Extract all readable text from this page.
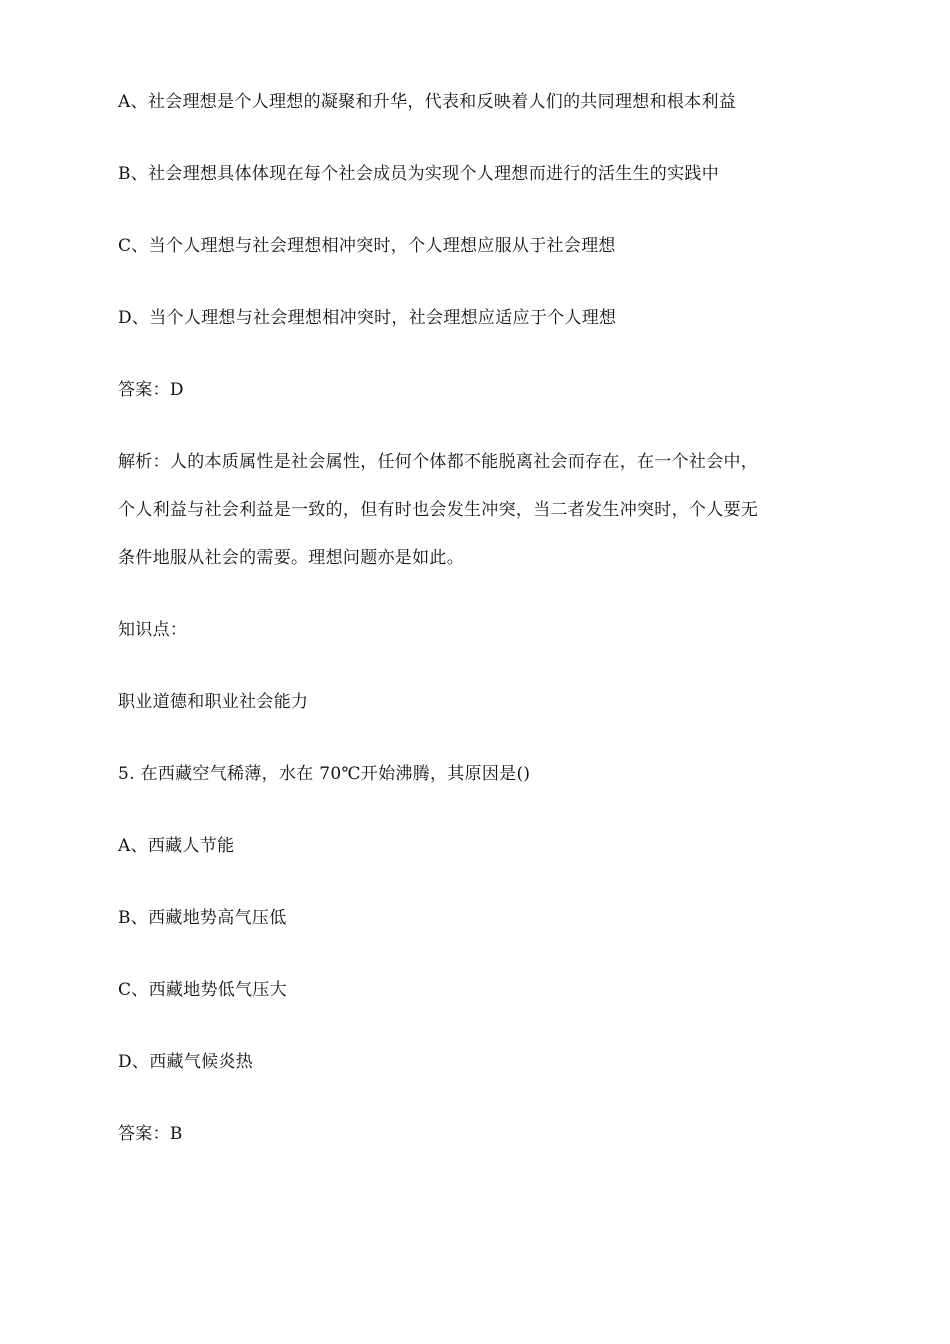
A、社会理想是个人理想的凝聚和升华，代表和反映着人们的共同理想和根本利益
B、社会理想具体体现在每个社会成员为实现个人理想而进行的活生生的实践中
C、当个人理想与社会理想相冲突时，个人理想应服从于社会理想
D、当个人理想与社会理想相冲突时，社会理想应适应于个人理想
答案：D
解析：人的本质属性是社会属性，任何个体都不能脱离社会而存在，在一个社会中，
个人利益与社会利益是一致的，但有时也会发生冲突，当二者发生冲突时，个人要无
条件地服从社会的需要。理想问题亦是如此。
知识点：
职业道德和职业社会能力
5. 在西藏空气稀薄，水在 70℃开始沸腾，其原因是()
A、西藏人节能
B、西藏地势高气压低
C、西藏地势低气压大
D、西藏气候炎热
答案：B
